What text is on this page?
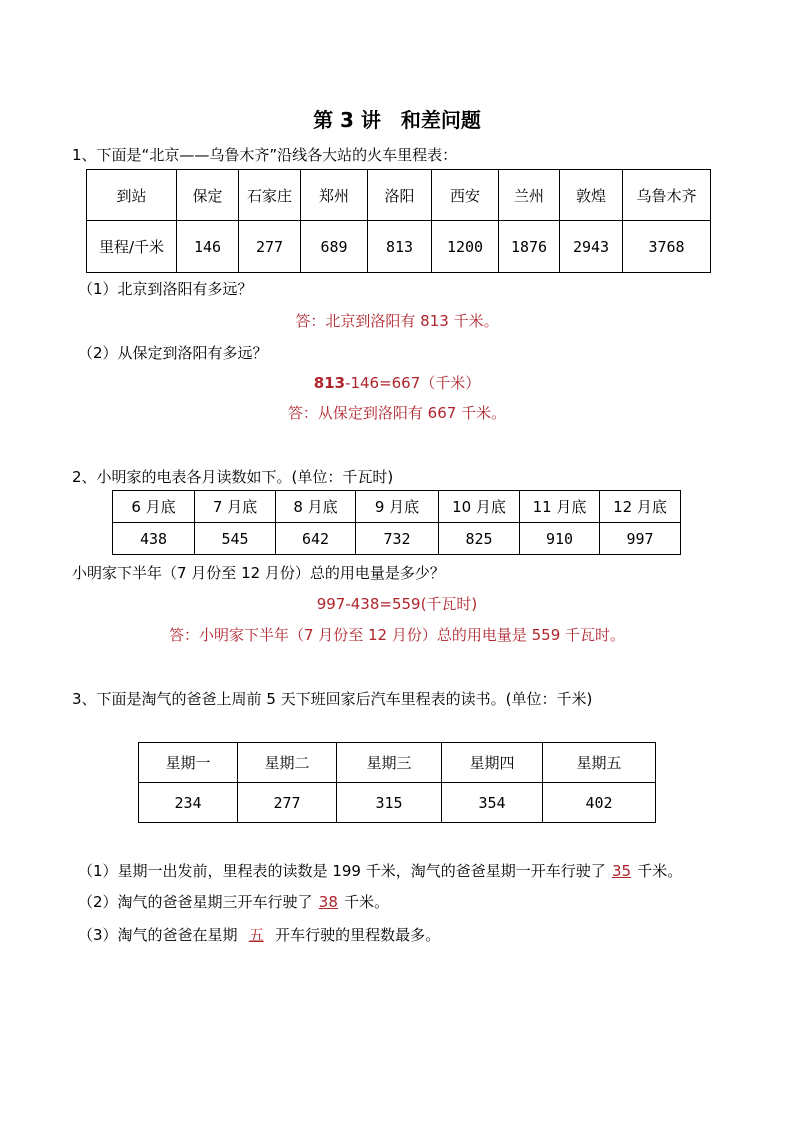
第 3 讲　和差问题
1、下面是“北京——乌鲁木齐”沿线各大站的火车里程表：
到站	保定	石家庄	郑州	洛阳	西安	兰州	敦煌	乌鲁木齐
里程/千米	146	277	689	813	1200	1876	2943	3768
（1）北京到洛阳有多远？
答：北京到洛阳有 813 千米。
（2）从保定到洛阳有多远？
813-146=667（千米）
答：从保定到洛阳有 667 千米。
2、小明家的电表各月读数如下。(单位：千瓦时)
6 月底	7 月底	8 月底	9 月底	10 月底	11 月底	12 月底
438	545	642	732	825	910	997
小明家下半年（7 月份至 12 月份）总的用电量是多少？
997-438=559(千瓦时)
答：小明家下半年（7 月份至 12 月份）总的用电量是 559 千瓦时。
3、下面是淘气的爸爸上周前 5 天下班回家后汽车里程表的读书。(单位：千米)
星期一	星期二	星期三	星期四	星期五
234	277	315	354	402
（1）星期一出发前，里程表的读数是 199 千米，淘气的爸爸星期一开车行驶了 35 千米。
（2）淘气的爸爸星期三开车行驶了 38 千米。
（3）淘气的爸爸在星期 五 开车行驶的里程数最多。
